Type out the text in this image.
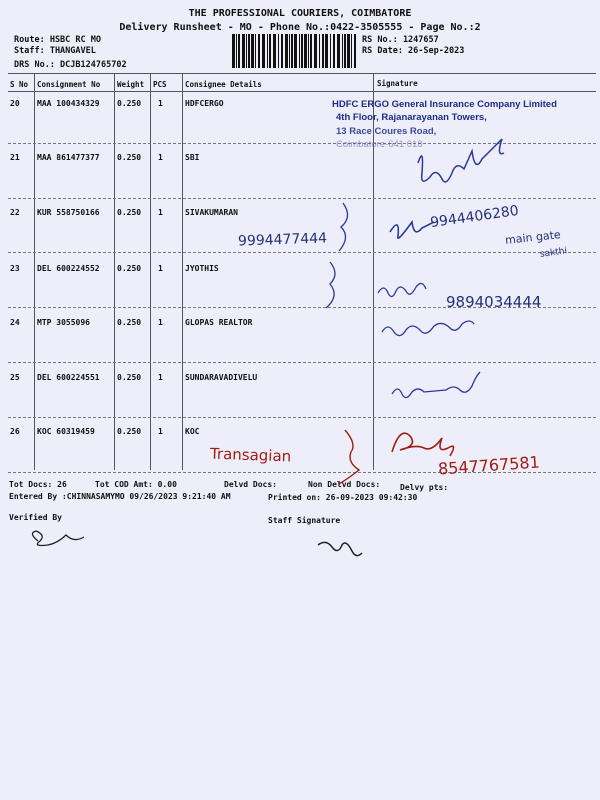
THE PROFESSIONAL COURIERS, COIMBATORE
Delivery Runsheet - MO - Phone No.:0422-3505555 - Page No.:2
Route: HSBC RC MO
Staff: THANGAVEL
DRS No.: DCJB124765702
RS No.: 1247657
RS Date: 26-Sep-2023
S No Consignment No Weight PCS Consignee Details	Signature
20 MAA 100434329 0.250 1	HDFCERGO
21 MAA 861477377 0.250 1	SBI
22 KUR 558750166 0.250 1	SIVAKUMARAN
23 DEL 600224552 0.250 1	JYOTHIS
24 MTP 3055096	0.250 1	GLOPAS REALTOR
25 DEL 600224551 0.250 1	SUNDARAVADIVELU
26 KOC 60319459	0.250 1	KOC
HDFC ERGO General Insurance Company Limited
4th Floor, Rajanarayanan Towers,
13 Race Coures Road,
Coimbatore-641 018
9994477444
9944406280
main gate
sakthi
9894034444
Transagian	8547767581
Tot Docs: 26	Tot COD Amt: 0.00	Delvd Docs:	Non Delvd Docs: Delvy pts:
Entered By :CHINNASAMYMO 09/26/2023 9:21:40 AM	Printed on: 26-09-2023 09:42:30
Verified By	Staff Signature
